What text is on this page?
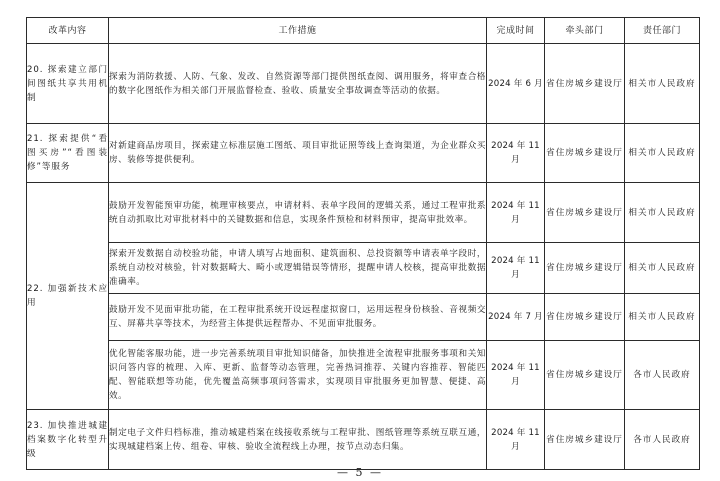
改革内容	工作措施	完成时间	牵头部门	责任部门
20. 探索建立部门间图纸共享共用机制	探索为消防救援、人防、气象、发改、自然资源等部门提供图纸查阅、调用服务，将审查合格的数字化图纸作为相关部门开展监督检查、验收、质量安全事故调查等活动的依据。	2024 年 6 月	省住房城乡建设厅	相关市人民政府
21. 探索提供“看图买房”“看图装修”等服务	对新建商品房项目，探索建立标准层施工图纸、项目审批证照等线上查询渠道，为企业群众买房、装修等提供便利。	2024 年 11 月	省住房城乡建设厅	相关市人民政府
22. 加强新技术应用	鼓励开发智能预审功能，梳理审核要点，申请材料、表单字段间的逻辑关系，通过工程审批系统自动抓取比对审批材料中的关键数据和信息，实现条件预检和材料预审，提高审批效率。	2024 年 11 月	省住房城乡建设厅	相关市人民政府
	探索开发数据自动校验功能，申请人填写占地面积、建筑面积、总投资额等申请表单字段时，系统自动校对核验，针对数据畸大、畸小或逻辑错误等情形，提醒申请人校核，提高审批数据准确率。	2024 年 11 月	省住房城乡建设厅	相关市人民政府
	鼓励开发不见面审批功能，在工程审批系统开设远程虚拟窗口，运用远程身份核验、音视频交互、屏幕共享等技术，为经营主体提供远程帮办、不见面审批服务。	2024 年 7 月	省住房城乡建设厅	相关市人民政府
	优化智能客服功能，进一步完善系统项目审批知识储备，加快推进全流程审批服务事项和关知识问答内容的梳理、入库、更新、监督等动态管理，完善热词推荐、关键内容推荐、智能匹配、智能联想等功能，优先覆盖高频事项问答需求，实现项目审批服务更加智慧、便捷、高效。	2024 年 11 月	省住房城乡建设厅	各市人民政府
23. 加快推进城建档案数字化转型升级	制定电子文件归档标准，推动城建档案在线接收系统与工程审批、图纸管理等系统互联互通，实现城建档案上传、组卷、审核、验收全流程线上办理，按节点动态归集。	2024 年 11 月	省住房城乡建设厅	各市人民政府
— 5 —
